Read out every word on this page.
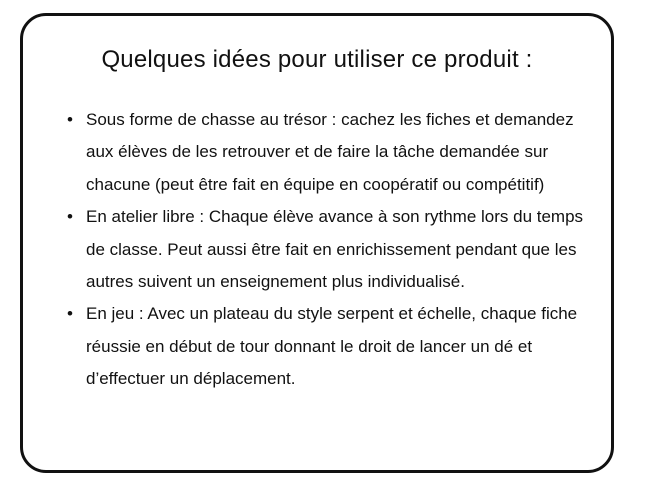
Quelques idées pour utiliser ce produit :
• Sous forme de chasse au trésor : cachez les fiches et demandez aux élèves de les retrouver et de faire la tâche demandée sur chacune (peut être fait en équipe en coopératif ou compétitif)
• En atelier libre : Chaque élève avance à son rythme lors du temps de classe. Peut aussi être fait en enrichissement pendant que les autres suivent un enseignement plus individualisé.
• En jeu : Avec un plateau du style serpent et échelle, chaque fiche réussie en début de tour donnant le droit de lancer un dé et d’effectuer un déplacement.
